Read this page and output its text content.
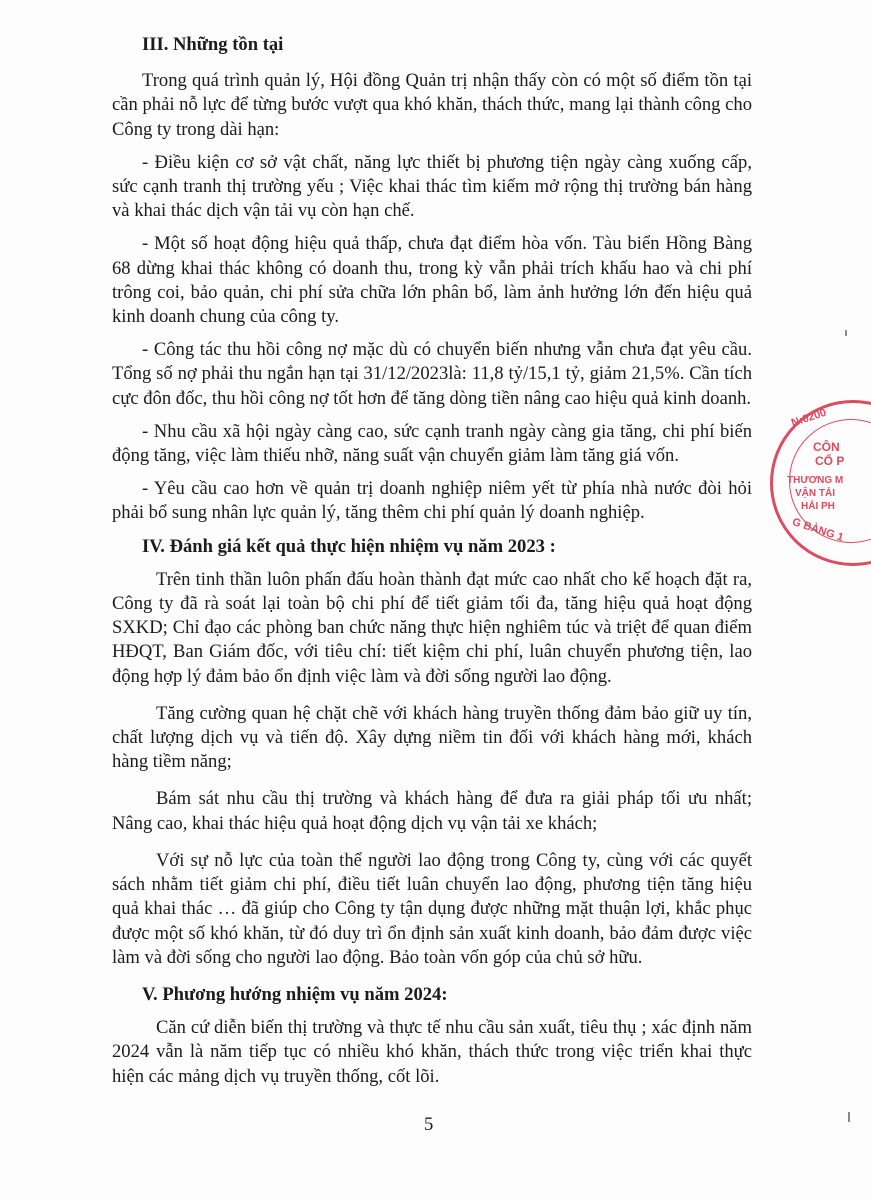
III. Những tồn tại

Trong quá trình quản lý, Hội đồng Quản trị nhận thấy còn có một số điểm tồn tại cần phải nỗ lực để từng bước vượt qua khó khăn, thách thức, mang lại thành công cho Công ty trong dài hạn:

- Điều kiện cơ sở vật chất, năng lực thiết bị phương tiện ngày càng xuống cấp, sức cạnh tranh thị trường yếu ; Việc khai thác tìm kiếm mở rộng thị trường bán hàng và khai thác dịch vận tải vụ còn hạn chế.

- Một số hoạt động hiệu quả thấp, chưa đạt điểm hòa vốn. Tàu biển Hồng Bàng 68 dừng khai thác không có doanh thu, trong kỳ vẫn phải trích khấu hao và chi phí trông coi, bảo quản, chi phí sửa chữa lớn phân bổ, làm ảnh hưởng lớn đến hiệu quả kinh doanh chung của công ty.

- Công tác thu hồi công nợ mặc dù có chuyển biến nhưng vẫn chưa đạt yêu cầu. Tổng số nợ phải thu ngắn hạn tại 31/12/2023là: 11,8 tỷ/15,1 tỷ, giảm 21,5%. Cần tích cực đôn đốc, thu hồi công nợ tốt hơn để tăng dòng tiền nâng cao hiệu quả kinh doanh.

- Nhu cầu xã hội ngày càng cao, sức cạnh tranh ngày càng gia tăng, chi phí biến động tăng, việc làm thiếu nhỡ, năng suất vận chuyển giảm làm tăng giá vốn.

- Yêu cầu cao hơn về quản trị doanh nghiệp niêm yết từ phía nhà nước đòi hỏi phải bổ sung nhân lực quản lý, tăng thêm chi phí quản lý doanh nghiệp.

IV. Đánh giá kết quả thực hiện nhiệm vụ năm 2023 :

Trên tinh thần luôn phấn đấu hoàn thành đạt mức cao nhất cho kế hoạch đặt ra, Công ty đã rà soát lại toàn bộ chi phí để tiết giảm tối đa, tăng hiệu quả hoạt động SXKD; Chỉ đạo các phòng ban chức năng thực hiện nghiêm túc và triệt để quan điểm HĐQT, Ban Giám đốc, với tiêu chí: tiết kiệm chi phí, luân chuyển phương tiện, lao động hợp lý đảm bảo ổn định việc làm và đời sống người lao động.

Tăng cường quan hệ chặt chẽ với khách hàng truyền thống đảm bảo giữ uy tín, chất lượng dịch vụ và tiến độ. Xây dựng niềm tin đối với khách hàng mới, khách hàng tiềm năng;

Bám sát nhu cầu thị trường và khách hàng để đưa ra giải pháp tối ưu nhất; Nâng cao, khai thác hiệu quả hoạt động dịch vụ vận tải xe khách;

Với sự nỗ lực của toàn thể người lao động trong Công ty, cùng với các quyết sách nhằm tiết giảm chi phí, điều tiết luân chuyển lao động, phương tiện tăng hiệu quả khai thác … đã giúp cho Công ty tận dụng được những mặt thuận lợi, khắc phục được một số khó khăn, từ đó duy trì ổn định sản xuất kinh doanh, bảo đảm được việc làm và đời sống cho người lao động. Bảo toàn vốn góp của chủ sở hữu.

V. Phương hướng nhiệm vụ năm 2024:

Căn cứ diễn biến thị trường và thực tế nhu cầu sản xuất, tiêu thụ ; xác định năm 2024 vẫn là năm tiếp tục có nhiều khó khăn, thách thức trong việc triển khai thực hiện các mảng dịch vụ truyền thống, cốt lõi.

5
N:0200
CÔN
CỔ P
THƯƠNG M
VẬN TẢI
HẢI PH
G BÀNG 1
